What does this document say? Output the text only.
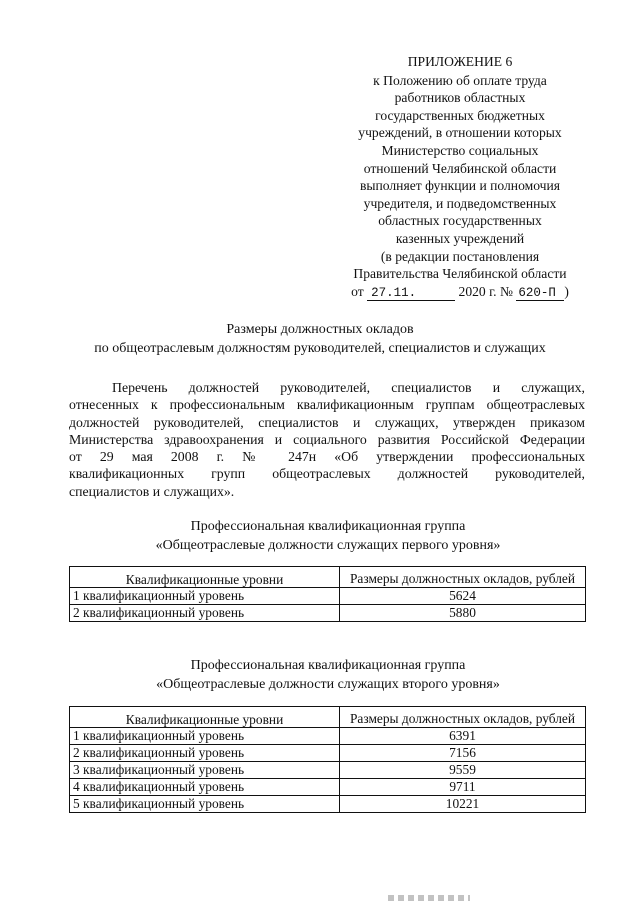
ПРИЛОЖЕНИЕ 6
к Положению об оплате труда
работников областных
государственных бюджетных
учреждений, в отношении которых
Министерство социальных
отношений Челябинской области
выполняет функции и полномочия
учредителя, и подведомственных
областных государственных
казенных учреждений
(в редакции постановления
Правительства Челябинской области
от 27.11.	2020 г. № 620-П )
Размеры должностных окладов
по общеотраслевым должностям руководителей, специалистов и служащих
Перечень должностей руководителей, специалистов и служащих,
отнесенных к профессиональным квалификационным группам общеотраслевых
должностей руководителей, специалистов и служащих, утвержден приказом
Министерства здравоохранения и социального развития Российской Федерации
от 29 мая 2008 г. № 247н «Об утверждении профессиональных
квалификационных групп общеотраслевых должностей руководителей,
специалистов и служащих».
Профессиональная квалификационная группа
«Общеотраслевые должности служащих первого уровня»
Квалификационные уровни	Размеры должностных окладов, рублей
1 квалификационный уровень	5624
2 квалификационный уровень	5880
Профессиональная квалификационная группа
«Общеотраслевые должности служащих второго уровня»
Квалификационные уровни	Размеры должностных окладов, рублей
1 квалификационный уровень	6391
2 квалификационный уровень	7156
3 квалификационный уровень	9559
4 квалификационный уровень	9711
5 квалификационный уровень	10221
